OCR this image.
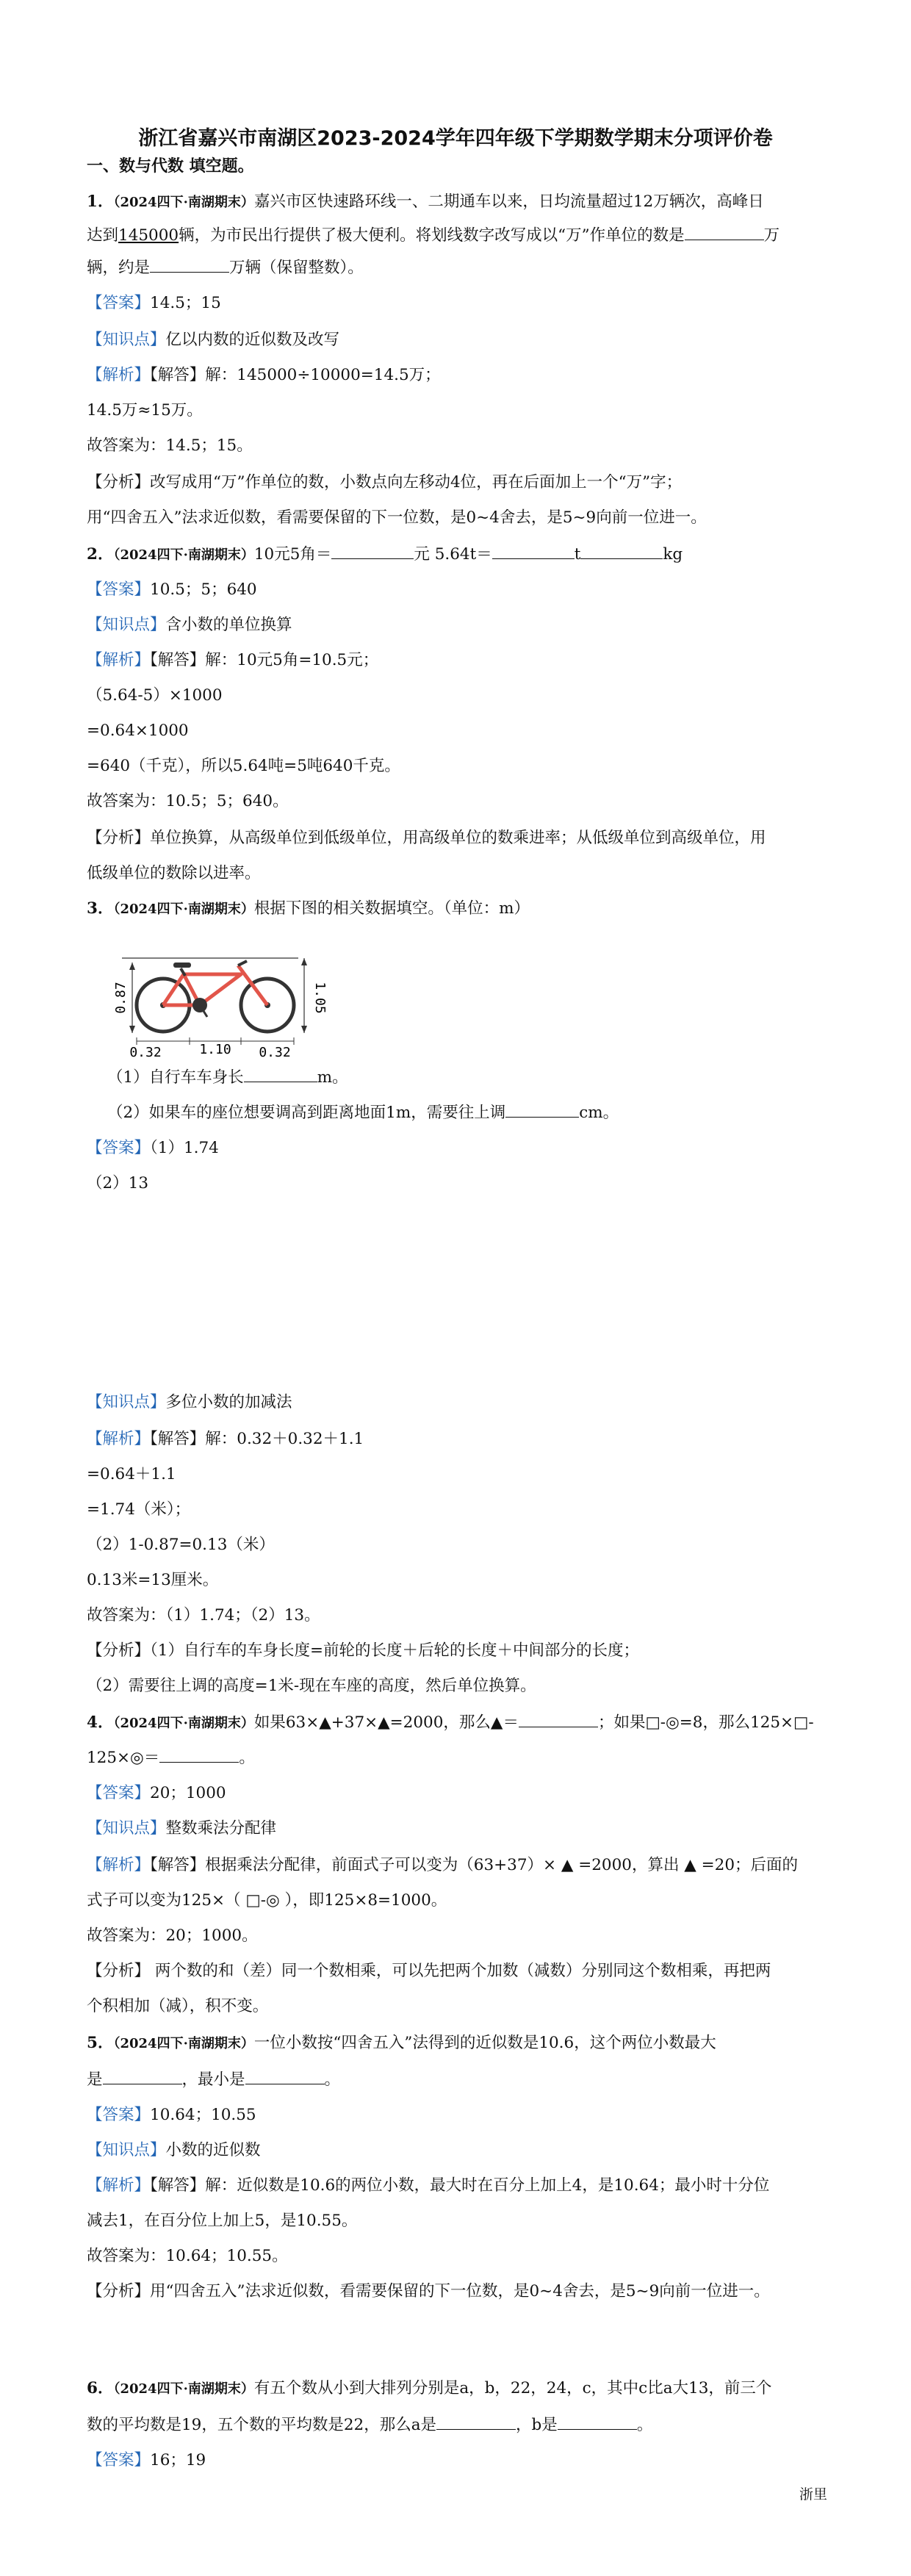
浙江省嘉兴市南湖区2023-2024学年四年级下学期数学期末分项评价卷
一、数与代数 填空题。
1．（2024四下·南湖期末）嘉兴市区快速路环线一、二期通车以来，日均流量超过12万辆次，高峰日
达到145000辆，为市民出行提供了极大便利。将划线数字改写成以“万”作单位的数是	万
辆，约是	万辆（保留整数）。
【答案】14.5；15
【知识点】亿以内数的近似数及改写
【解析】【解答】解：145000÷10000=14.5万；
14.5万≈15万。
故答案为：14.5；15。
【分析】改写成用“万”作单位的数，小数点向左移动4位，再在后面加上一个“万”字；
用“四舍五入”法求近似数，看需要保留的下一位数，是0~4舍去，是5~9向前一位进一。
2．（2024四下·南湖期末）10元5角＝	元 5.64t＝	t	kg
【答案】10.5；5；640
【知识点】含小数的单位换算
【解析】【解答】解：10元5角=10.5元；
（5.64-5）×1000
=0.64×1000
=640（千克），所以5.64吨=5吨640千克。
故答案为：10.5；5；640。
【分析】单位换算，从高级单位到低级单位，用高级单位的数乘进率；从低级单位到高级单位，用
低级单位的数除以进率。
3．（2024四下·南湖期末）根据下图的相关数据填空。（单位：m）
0.87	1.05
0.32	1.10 0.32
（1）自行车车身长	m。
（2）如果车的座位想要调高到距离地面1m，需要往上调	cm。
【答案】（1）1.74
（2）13
【知识点】多位小数的加减法
【解析】【解答】解：0.32＋0.32＋1.1
=0.64＋1.1
=1.74（米）；
（2）1-0.87=0.13（米）
0.13米=13厘米。
故答案为：（1）1.74；（2）13。
【分析】（1）自行车的车身长度=前轮的长度＋后轮的长度＋中间部分的长度；
（2）需要往上调的高度=1米-现在车座的高度，然后单位换算。
4．（2024四下·南湖期末）如果63×▲+37×▲=2000，那么▲＝	；如果□-◎=8，那么125×□-
125×◎＝	。
【答案】20；1000
【知识点】整数乘法分配律
【解析】【解答】根据乘法分配律，前面式子可以变为（63+37）× ▲ =2000，算出 ▲ =20；后面的
式子可以变为125×（ □-◎ ），即125×8=1000。
故答案为：20；1000。
【分析】 两个数的和（差）同一个数相乘，可以先把两个加数（减数）分别同这个数相乘，再把两
个积相加（减），积不变。
5．（2024四下·南湖期末）一位小数按“四舍五入”法得到的近似数是10.6，这个两位小数最大
是	，最小是	。
【答案】10.64；10.55
【知识点】小数的近似数
【解析】【解答】解：近似数是10.6的两位小数，最大时在百分上加上4，是10.64；最小时十分位
减去1，在百分位上加上5，是10.55。
故答案为：10.64；10.55。
【分析】用“四舍五入”法求近似数，看需要保留的下一位数，是0~4舍去，是5~9向前一位进一。
6．（2024四下·南湖期末）有五个数从小到大排列分别是a，b，22，24，c，其中c比a大13，前三个
数的平均数是19，五个数的平均数是22，那么a是	，b是	。
【答案】16；19
浙里
